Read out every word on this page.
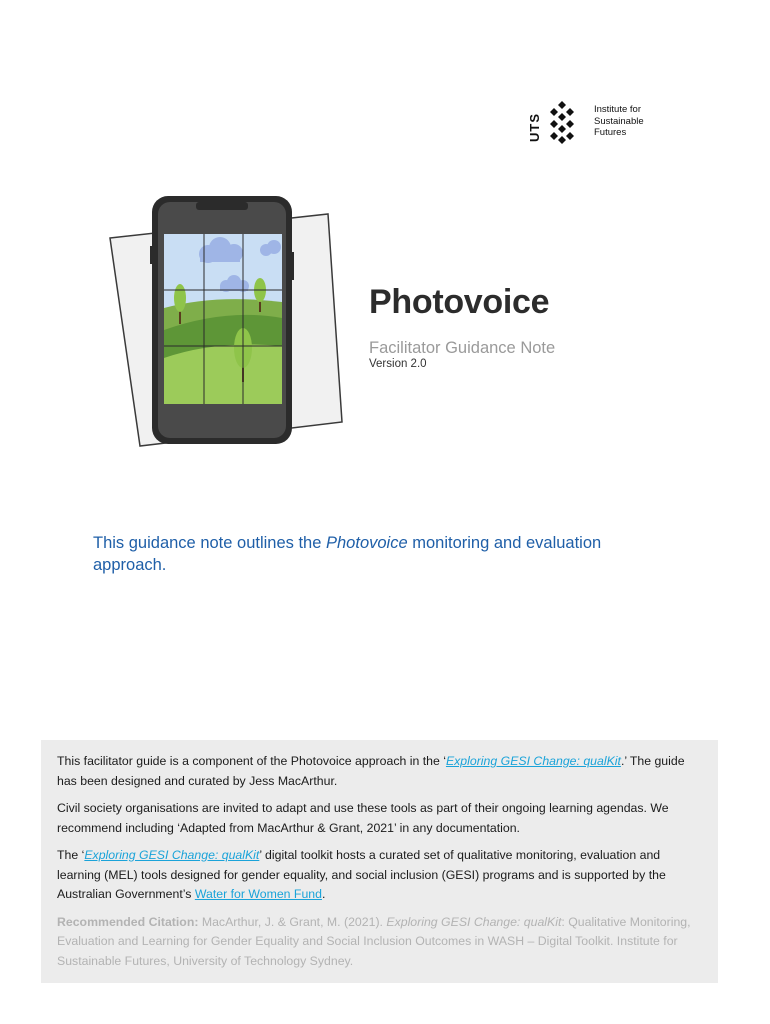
UTS
Institute for
Sustainable
Futures
Photovoice
Facilitator Guidance Note
Version 2.0
This guidance note outlines the Photovoice monitoring and evaluation approach.

This facilitator guide is a component of the Photovoice approach in the ‘Exploring GESI Change: qualKit.’ The guide has been designed and curated by Jess MacArthur.

Civil society organisations are invited to adapt and use these tools as part of their ongoing learning agendas. We recommend including ‘Adapted from MacArthur & Grant, 2021’ in any documentation.

The ‘Exploring GESI Change: qualKit’ digital toolkit hosts a curated set of qualitative monitoring, evaluation and learning (MEL) tools designed for gender equality, and social inclusion (GESI) programs and is supported by the Australian Government’s Water for Women Fund.

Recommended Citation: MacArthur, J. & Grant, M. (2021). Exploring GESI Change: qualKit: Qualitative Monitoring, Evaluation and Learning for Gender Equality and Social Inclusion Outcomes in WASH – Digital Toolkit. Institute for Sustainable Futures, University of Technology Sydney.
